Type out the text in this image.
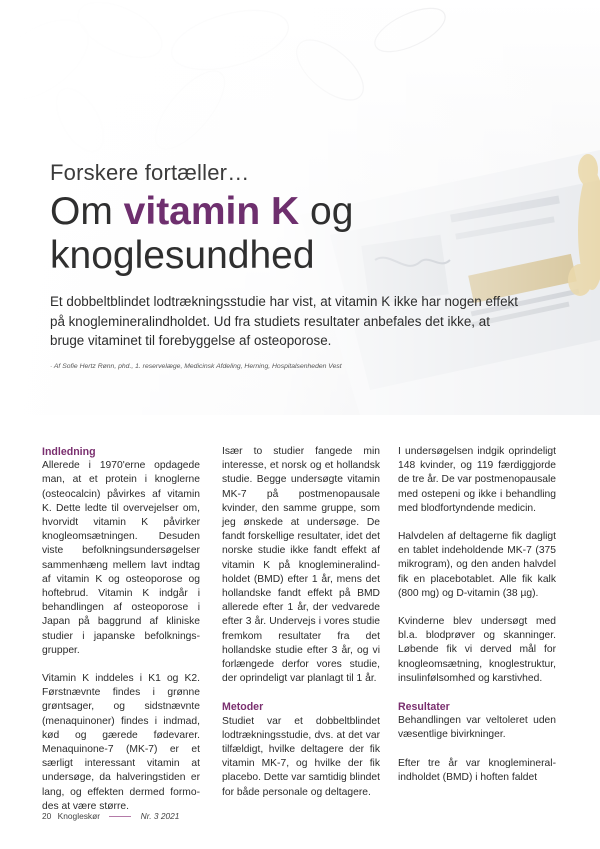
Forskere fortæller…
Om vitamin K og
knoglesundhed
Et dobbeltblindet lodtrækningsstudie har vist, at vitamin K ikke har nogen effekt på knoglemineralindholdet. Ud fra studiets resultater anbefales det ikke, at bruge vitaminet til forebyggelse af osteoporose.
· Af Sofie Hertz Rønn, phd., 1. reservelæge, Medicinsk Afdeling, Herning, Hospitalsenheden Vest
Indledning

Allerede i 1970'erne opdagede man, at et protein i knoglerne (osteocalcin) påvirkes af vitamin K. Dette ledte til overvejelser om, hvorvidt vitamin K påvirker knogleomsætningen. Desuden viste befolkningsundersøgelser sammenhæng mellem lavt indtag af vitamin K og osteoporose og hoftebrud. Vitamin K indgår i behandlingen af osteoporose i Japan på baggrund af kliniske studier i japanske befolkningsgrupper.

Vitamin K inddeles i K1 og K2. Førstnævnte findes i grønne grøntsager, og sidstnævnte (menaquinoner) findes i indmad, kød og gærede fødevarer. Menaquinone-7 (MK-7) er et særligt interessant vitamin at undersøge, da halveringstiden er lang, og effekten dermed formodes at være større.

Især to studier fangede min interesse, et norsk og et hollandsk studie. Begge undersøgte vitamin MK-7 på postmenopausale kvinder, den samme gruppe, som jeg ønskede at undersøge. De fandt forskellige resultater, idet det norske studie ikke fandt effekt af vitamin K på knoglemineralindholdet (BMD) efter 1 år, mens det hollandske fandt effekt på BMD allerede efter 1 år, der vedvarede efter 3 år. Undervejs i vores studie fremkom resultater fra det hollandske studie efter 3 år, og vi forlængede derfor vores studie, der oprindeligt var planlagt til 1 år.

Metoder

Studiet var et dobbeltblindet lodtrækningsstudie, dvs. at det var tilfældigt, hvilke deltagere der fik vitamin MK-7, og hvilke der fik placebo. Dette var samtidig blindet for både personale og deltagere.

I undersøgelsen indgik oprindeligt 148 kvinder, og 119 færdiggjorde de tre år. De var postmenopausale med ostepeni og ikke i behandling med blodfortyndende medicin.

Halvdelen af deltagerne fik dagligt en tablet indeholdende MK-7 (375 mikrogram), og den anden halvdel fik en placebotablet. Alle fik kalk (800 mg) og D-vitamin (38 µg).

Kvinderne blev undersøgt med bl.a. blodprøver og skanninger. Løbende fik vi derved mål for knogleomsætning, knoglestruktur, insulinfølsomhed og karstivhed.

Resultater

Behandlingen var veltoleret uden væsentlige bivirkninger.

Efter tre år var knoglemineralindholdet (BMD) i hoften faldet

20 Knogleskør	Nr. 3 2021
